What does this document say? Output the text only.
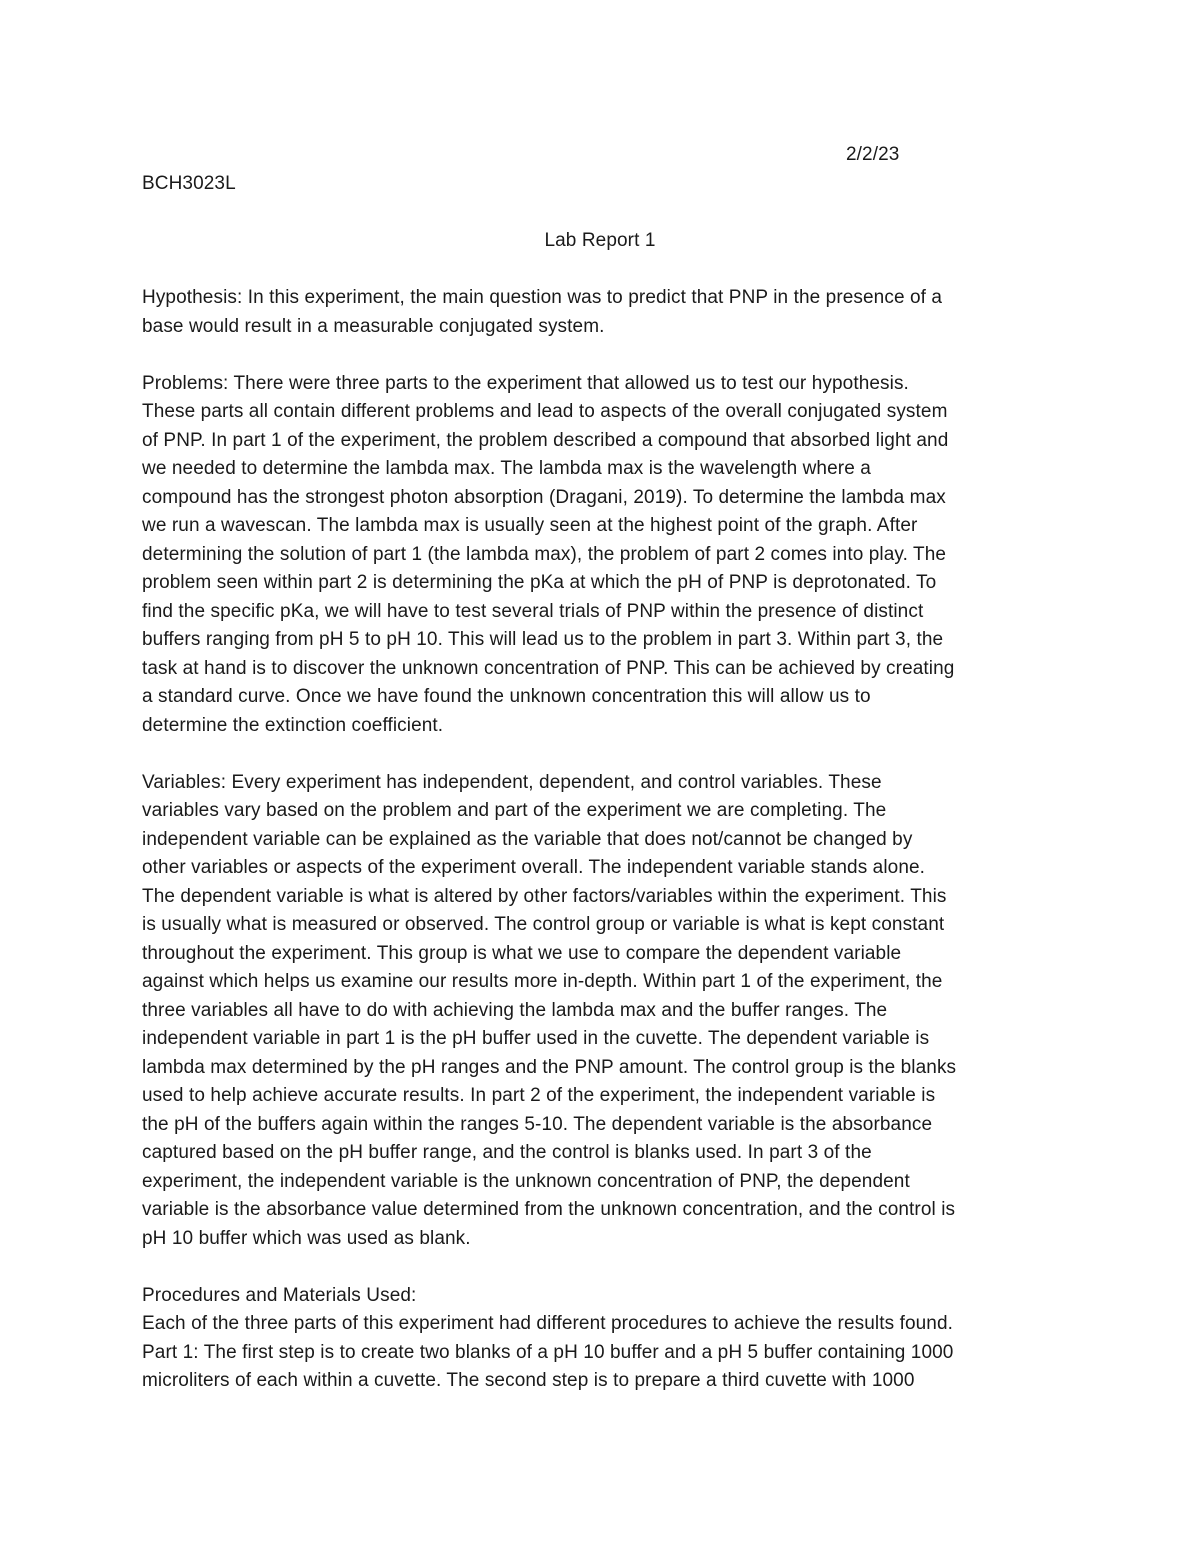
2/2/23
BCH3023L
Lab Report 1
Hypothesis: In this experiment, the main question was to predict that PNP in the presence of a
base would result in a measurable conjugated system.
Problems: There were three parts to the experiment that allowed us to test our hypothesis.
These parts all contain different problems and lead to aspects of the overall conjugated system
of PNP. In part 1 of the experiment, the problem described a compound that absorbed light and
we needed to determine the lambda max. The lambda max is the wavelength where a
compound has the strongest photon absorption (Dragani, 2019). To determine the lambda max
we run a wavescan. The lambda max is usually seen at the highest point of the graph. After
determining the solution of part 1 (the lambda max), the problem of part 2 comes into play. The
problem seen within part 2 is determining the pKa at which the pH of PNP is deprotonated. To
find the specific pKa, we will have to test several trials of PNP within the presence of distinct
buffers ranging from pH 5 to pH 10. This will lead us to the problem in part 3. Within part 3, the
task at hand is to discover the unknown concentration of PNP. This can be achieved by creating
a standard curve. Once we have found the unknown concentration this will allow us to
determine the extinction coefficient.
Variables: Every experiment has independent, dependent, and control variables. These
variables vary based on the problem and part of the experiment we are completing. The
independent variable can be explained as the variable that does not/cannot be changed by
other variables or aspects of the experiment overall. The independent variable stands alone.
The dependent variable is what is altered by other factors/variables within the experiment. This
is usually what is measured or observed. The control group or variable is what is kept constant
throughout the experiment. This group is what we use to compare the dependent variable
against which helps us examine our results more in-depth. Within part 1 of the experiment, the
three variables all have to do with achieving the lambda max and the buffer ranges. The
independent variable in part 1 is the pH buffer used in the cuvette. The dependent variable is
lambda max determined by the pH ranges and the PNP amount. The control group is the blanks
used to help achieve accurate results. In part 2 of the experiment, the independent variable is
the pH of the buffers again within the ranges 5-10. The dependent variable is the absorbance
captured based on the pH buffer range, and the control is blanks used. In part 3 of the
experiment, the independent variable is the unknown concentration of PNP, the dependent
variable is the absorbance value determined from the unknown concentration, and the control is
pH 10 buffer which was used as blank.
Procedures and Materials Used:
Each of the three parts of this experiment had different procedures to achieve the results found.
Part 1: The first step is to create two blanks of a pH 10 buffer and a pH 5 buffer containing 1000
microliters of each within a cuvette. The second step is to prepare a third cuvette with 1000
